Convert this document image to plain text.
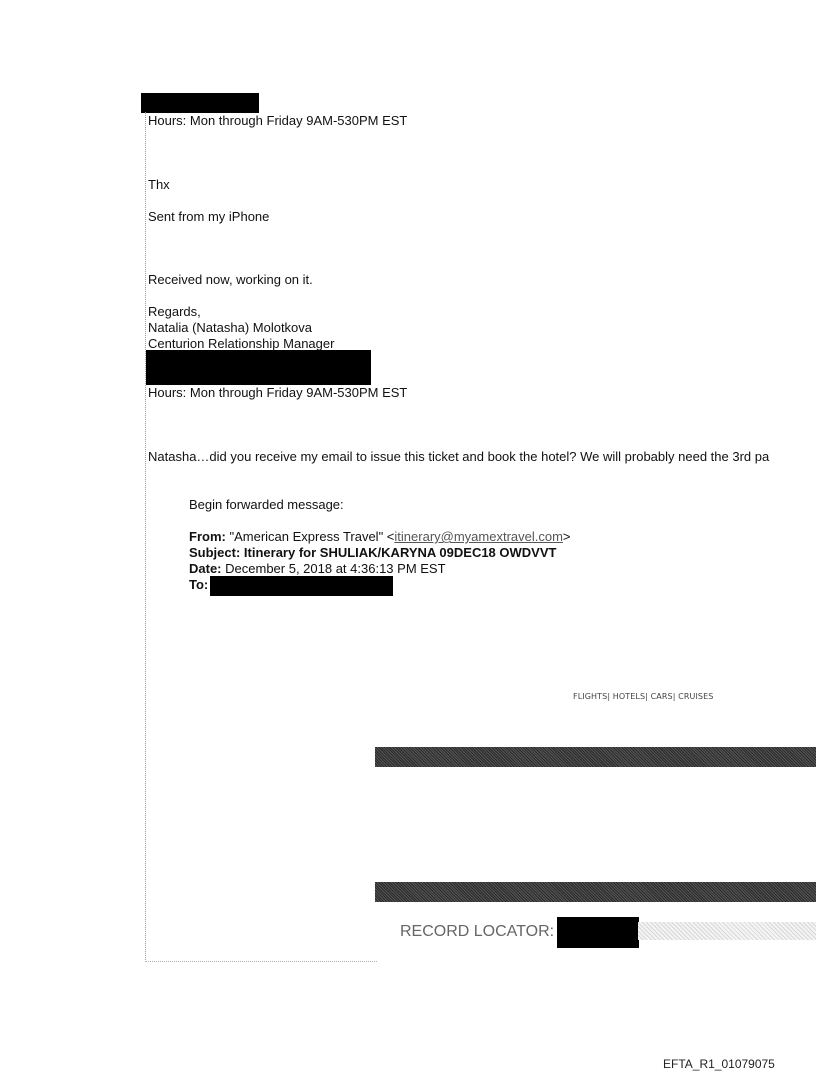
Hours: Mon through Friday 9AM-530PM EST
Thx
Sent from my iPhone
Received now, working on it.
Regards,
Natalia (Natasha) Molotkova
Centurion Relationship Manager
Hours: Mon through Friday 9AM-530PM EST
Natasha…did you receive my email to issue this ticket and book the hotel? We will probably need the 3rd pa
Begin forwarded message:
From: "American Express Travel" <itinerary@myamextravel.com>
Subject: Itinerary for SHULIAK/KARYNA 09DEC18 OWDVVT
Date: December 5, 2018 at 4:36:13 PM EST
To:
FLIGHTS| HOTELS| CARS| CRUISES
RECORD LOCATOR:
EFTA_R1_01079075
